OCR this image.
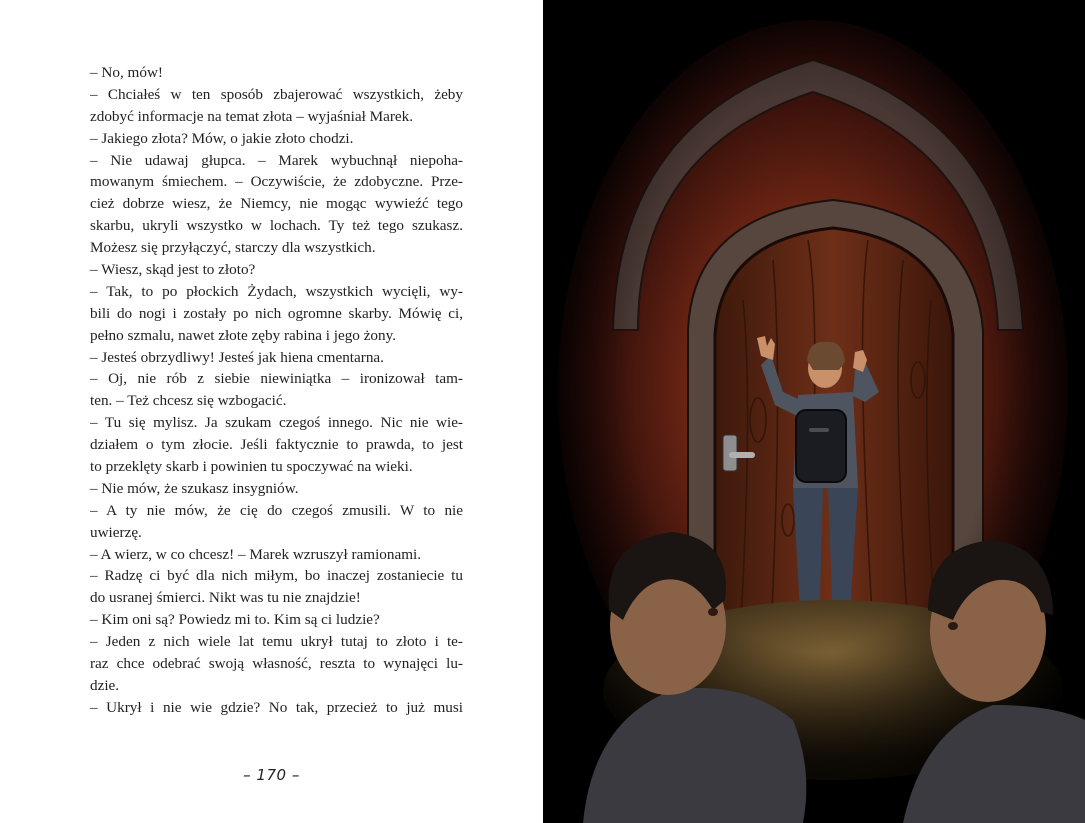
– No, mów!
– Chciałeś w ten sposób zbajerować wszystkich, żeby
zdobyć informacje na temat złota – wyjaśniał Marek.
– Jakiego złota? Mów, o jakie złoto chodzi.
– Nie udawaj głupca. – Marek wybuchnął niepoha-
mowanym śmiechem. – Oczywiście, że zdobyczne. Prze-
cież dobrze wiesz, że Niemcy, nie mogąc wywieźć tego
skarbu, ukryli wszystko w lochach. Ty też tego szukasz.
Możesz się przyłączyć, starczy dla wszystkich.
– Wiesz, skąd jest to złoto?
– Tak, to po płockich Żydach, wszystkich wycięli, wy-
bili do nogi i zostały po nich ogromne skarby. Mówię ci,
pełno szmalu, nawet złote zęby rabina i jego żony.
– Jesteś obrzydliwy! Jesteś jak hiena cmentarna.
– Oj, nie rób z siebie niewiniątka – ironizował tam-
ten. – Też chcesz się wzbogacić.
– Tu się mylisz. Ja szukam czegoś innego. Nic nie wie-
działem o tym złocie. Jeśli faktycznie to prawda, to jest
to przeklęty skarb i powinien tu spoczywać na wieki.
– Nie mów, że szukasz insygniów.
– A ty nie mów, że cię do czegoś zmusili. W to nie
uwierzę.
– A wierz, w co chcesz! – Marek wzruszył ramionami.
– Radzę ci być dla nich miłym, bo inaczej zostaniecie tu
do usranej śmierci. Nikt was tu nie znajdzie!
– Kim oni są? Powiedz mi to. Kim są ci ludzie?
– Jeden z nich wiele lat temu ukrył tutaj to złoto i te-
raz chce odebrać swoją własność, reszta to wynajęci lu-
dzie.
– Ukrył i nie wie gdzie? No tak, przecież to już musi
– 170 –
